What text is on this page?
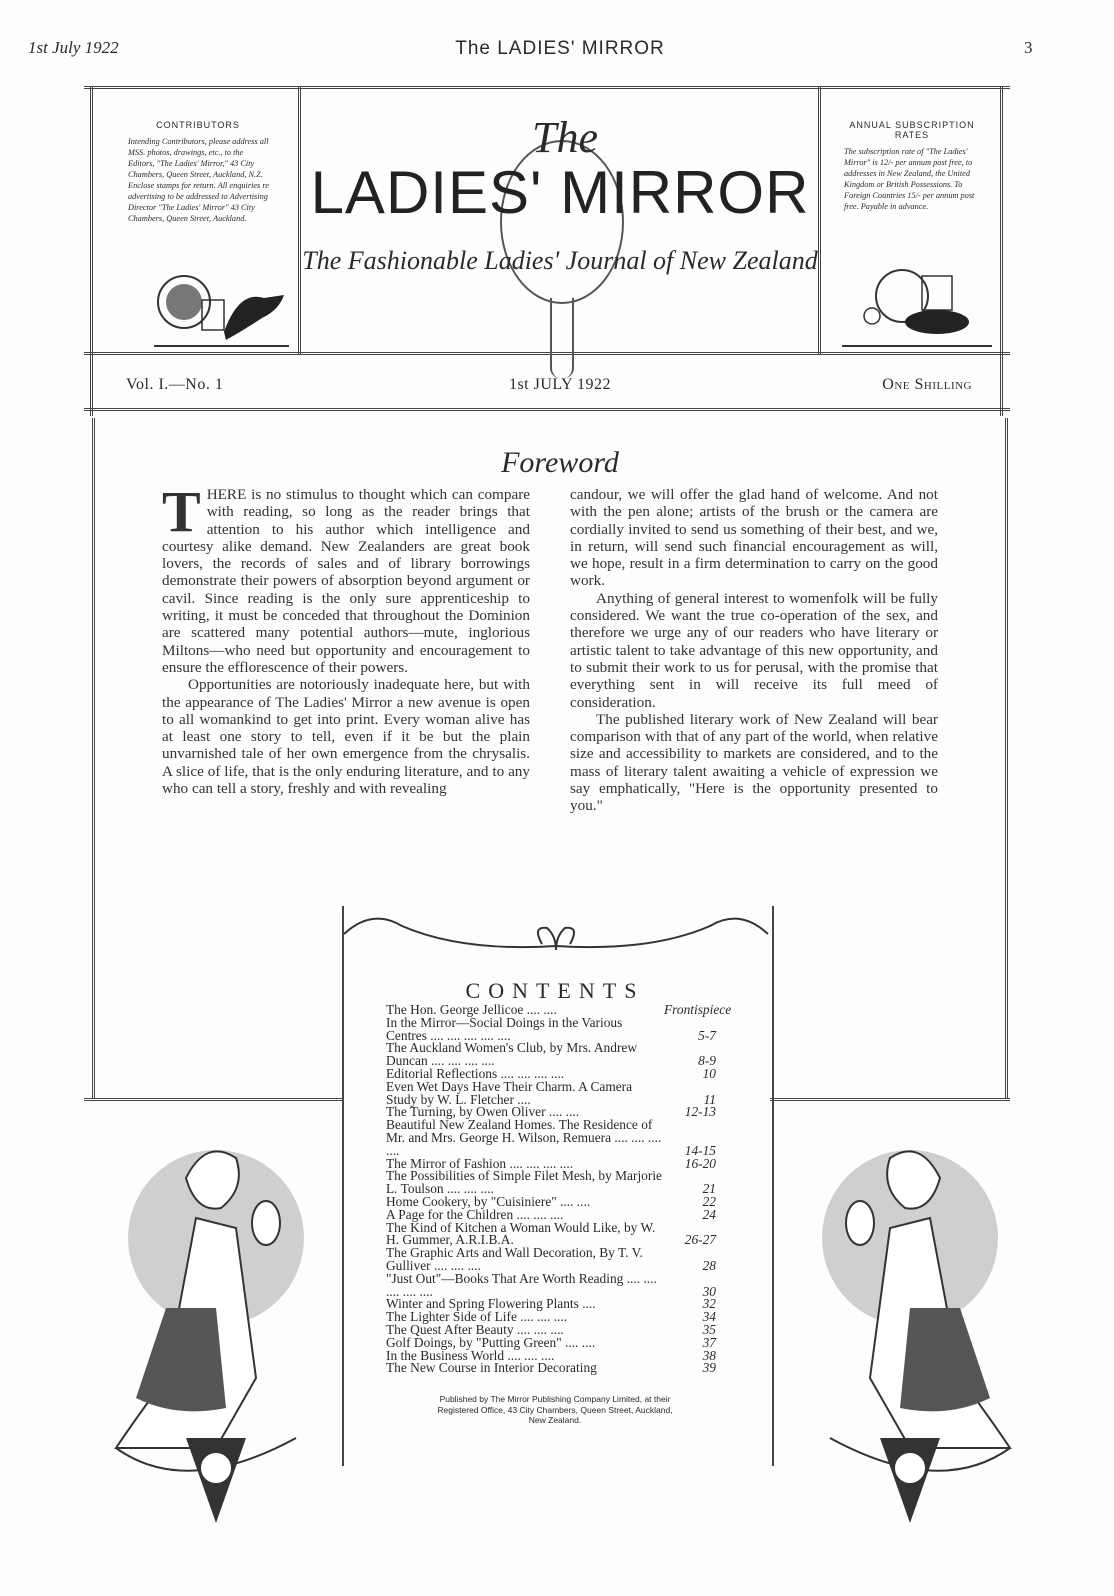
1st July 1922	The LADIES' MIRROR	3
CONTRIBUTORS
Intending Contributors, please address all MSS. photos, drawings, etc., to the Editors, "The Ladies' Mirror," 43 City Chambers, Queen Street, Auckland, N.Z. Enclose stamps for return. All enquiries re advertising to be addressed to Advertising Director "The Ladies' Mirror" 43 City Chambers, Queen Street, Auckland.
The
LADIES' MIRROR
The Fashionable Ladies' Journal of New Zealand
ANNUAL SUBSCRIPTION RATES
The subscription rate of "The Ladies' Mirror" is 12/- per annum post free, to addresses in New Zealand, the United Kingdom or British Possessions. To Foreign Countries 15/- per annum post free. Payable in advance.
Vol. I.—No. 1	1st JULY 1922	One Shilling
Foreword

THERE is no stimulus to thought which can compare with reading, so long as the reader brings that attention to his author which intelligence and courtesy alike demand. New Zealanders are great book lovers, the records of sales and of library borrowings demonstrate their powers of absorption beyond argument or cavil. Since reading is the only sure apprenticeship to writing, it must be conceded that throughout the Dominion are scattered many potential authors—mute, inglorious Miltons—who need but opportunity and encouragement to ensure the efflorescence of their powers.

Opportunities are notoriously inadequate here, but with the appearance of The Ladies' Mirror a new avenue is open to all womankind to get into print. Every woman alive has at least one story to tell, even if it be but the plain unvarnished tale of her own emergence from the chrysalis. A slice of life, that is the only enduring literature, and to any who can tell a story, freshly and with revealing

candour, we will offer the glad hand of welcome. And not with the pen alone; artists of the brush or the camera are cordially invited to send us something of their best, and we, in return, will send such financial encouragement as will, we hope, result in a firm determination to carry on the good work.

Anything of general interest to womenfolk will be fully considered. We want the true co-operation of the sex, and therefore we urge any of our readers who have literary or artistic talent to take advantage of this new opportunity, and to submit their work to us for perusal, with the promise that everything sent in will receive its full meed of consideration.

The published literary work of New Zealand will bear comparison with that of any part of the world, when relative size and accessibility to markets are considered, and to the mass of literary talent awaiting a vehicle of expression we say emphatically, "Here is the opportunity presented to you."

CONTENTS
The Hon. George Jellicoe .... ....	Frontispiece
In the Mirror—Social Doings in the Various Centres .... .... .... .... ....	5-7
The Auckland Women's Club, by Mrs. Andrew Duncan .... .... .... ....	8-9
Editorial Reflections .... .... .... ....	10
Even Wet Days Have Their Charm. A Camera Study by W. L. Fletcher ....	11
The Turning, by Owen Oliver .... ....	12-13
Beautiful New Zealand Homes. The Residence of Mr. and Mrs. George H. Wilson, Remuera .... .... .... ....	14-15
The Mirror of Fashion .... .... .... ....	16-20
The Possibilities of Simple Filet Mesh, by Marjorie L. Toulson .... .... ....	21
Home Cookery, by "Cuisiniere" .... ....	22
A Page for the Children .... .... ....	24
The Kind of Kitchen a Woman Would Like, by W. H. Gummer, A.R.I.B.A.	26-27
The Graphic Arts and Wall Decoration, By T. V. Gulliver .... .... ....	28
"Just Out"—Books That Are Worth Reading .... .... .... .... ....	30
Winter and Spring Flowering Plants ....	32
The Lighter Side of Life .... .... ....	34
The Quest After Beauty .... .... ....	35
Golf Doings, by "Putting Green" .... ....	37
In the Business World .... .... ....	38
The New Course in Interior Decorating	39
Published by The Mirror Publishing Company Limited, at their Registered Office, 43 City Chambers, Queen Street, Auckland, New Zealand.
